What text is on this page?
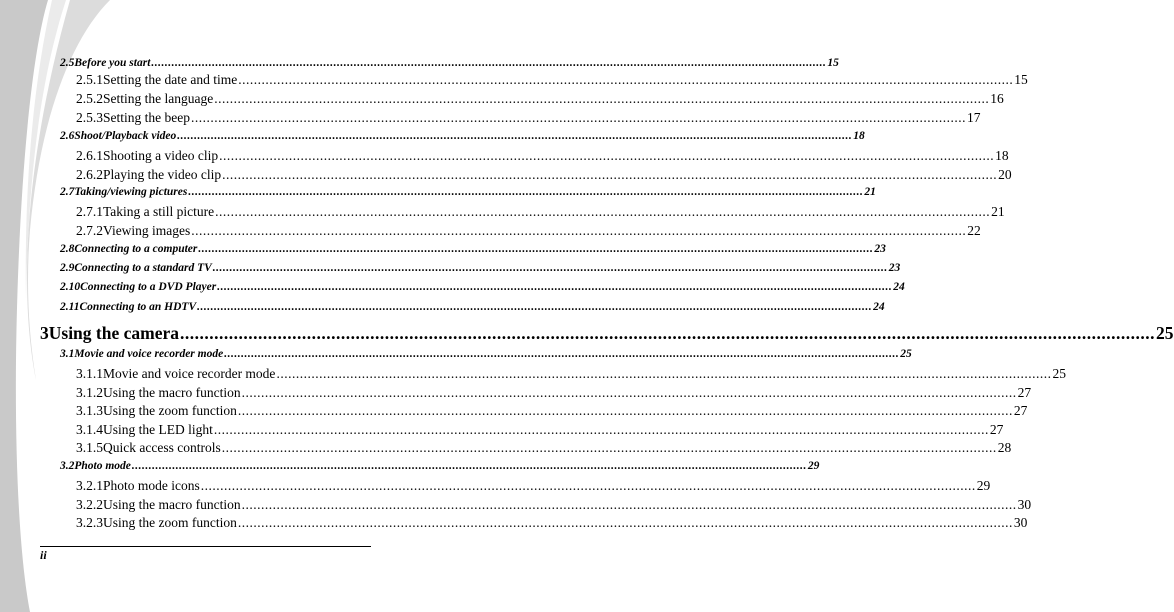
2.5 Before you start ........................................................................................................................................................................................................ 15
2.5.1 Setting the date and time ........................................................................................................................................................................................................ 15
2.5.2 Setting the language ........................................................................................................................................................................................................ 16
2.5.3 Setting the beep ........................................................................................................................................................................................................ 17
2.6 Shoot/Playback video ........................................................................................................................................................................................................ 18
2.6.1 Shooting a video clip ........................................................................................................................................................................................................ 18
2.6.2 Playing the video clip ........................................................................................................................................................................................................ 20
2.7 Taking/viewing pictures ........................................................................................................................................................................................................ 21
2.7.1 Taking a still picture ........................................................................................................................................................................................................ 21
2.7.2 Viewing images ........................................................................................................................................................................................................ 22
2.8 Connecting to a computer ........................................................................................................................................................................................................ 23
2.9 Connecting to a standard TV ........................................................................................................................................................................................................ 23
2.10 Connecting to a DVD Player ........................................................................................................................................................................................................ 24
2.11 Connecting to an HDTV ........................................................................................................................................................................................................ 24
3 Using the camera ........................................................................................................................................................................................................ 25
3.1 Movie and voice recorder mode ........................................................................................................................................................................................................ 25
3.1.1 Movie and voice recorder mode ........................................................................................................................................................................................................ 25
3.1.2 Using the macro function ........................................................................................................................................................................................................ 27
3.1.3 Using the zoom function ........................................................................................................................................................................................................ 27
3.1.4 Using the LED light ........................................................................................................................................................................................................ 27
3.1.5 Quick access controls ........................................................................................................................................................................................................ 28
3.2 Photo mode ........................................................................................................................................................................................................ 29
3.2.1 Photo mode icons ........................................................................................................................................................................................................ 29
3.2.2 Using the macro function ........................................................................................................................................................................................................ 30
3.2.3 Using the zoom function ........................................................................................................................................................................................................ 30
ii
